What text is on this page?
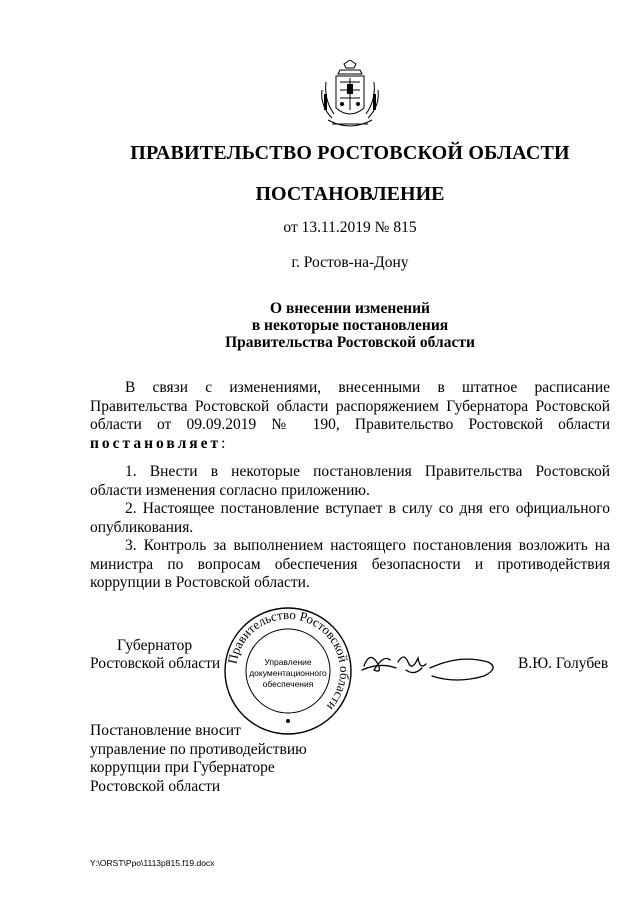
ПРАВИТЕЛЬСТВО РОСТОВСКОЙ ОБЛАСТИ
ПОСТАНОВЛЕНИЕ
от 13.11.2019 № 815
г. Ростов-на-Дону
О внесении изменений
в некоторые постановления
Правительства Ростовской области
В связи с изменениями, внесенными в штатное расписание Правительства Ростовской области распоряжением Губернатора Ростовской области от 09.09.2019 № 190, Правительство Ростовской области постановляет:
1. Внести в некоторые постановления Правительства Ростовской области изменения согласно приложению.
2. Настоящее постановление вступает в силу со дня его официального опубликования.
3. Контроль за выполнением настоящего постановления возложить на министра по вопросам обеспечения безопасности и противодействия коррупции в Ростовской области.
Губернатор
Ростовской области Правительство Ростовской области
Управление
документационного
обеспечения
В.Ю. Голубев
Постановление вносит
управление по противодействию
коррупции при Губернаторе
Ростовской области
Y:\ORST\Ppo\1113p815.f19.docx
